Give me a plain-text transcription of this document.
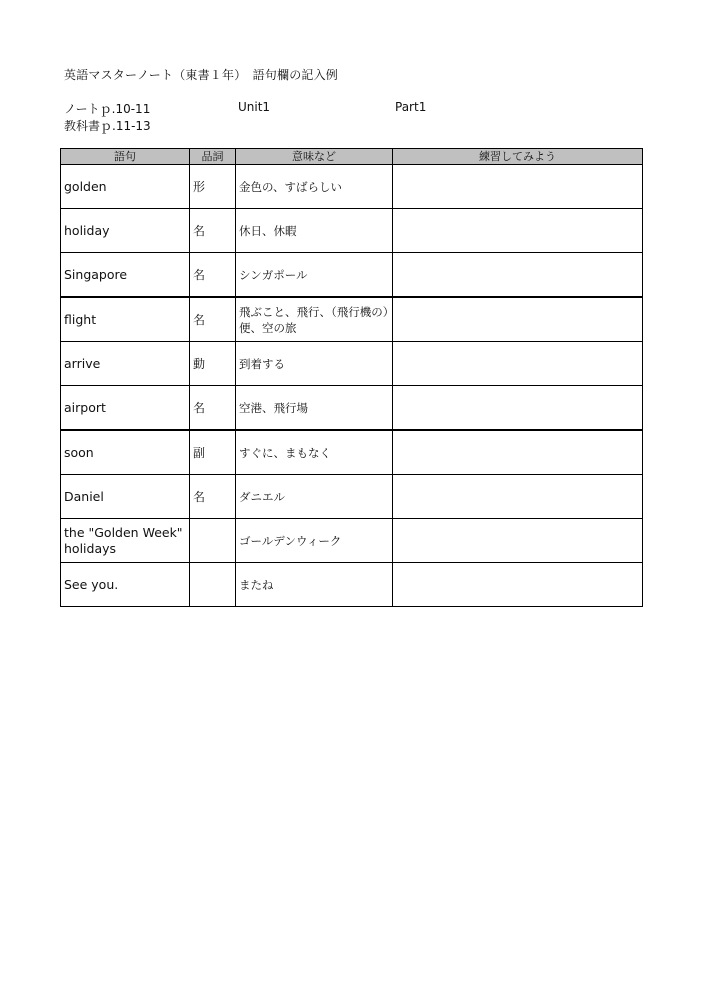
英語マスターノート（東書１年）　語句欄の記入例
ノートｐ.10-11
教科書ｐ.11-13
Unit1	Part1
語句	品詞	意味など	練習してみよう
golden	形	金色の、すばらしい	
holiday	名	休日、休暇	
Singapore	名	シンガポール	
flight	名	飛ぶこと、飛行、（飛行機の）便、空の旅	
arrive	動	到着する	
airport	名	空港、飛行場	
soon	副	すぐに、まもなく	
Daniel	名	ダニエル	
the "Golden Week" holidays		ゴールデンウィーク	
See you.		またね	
